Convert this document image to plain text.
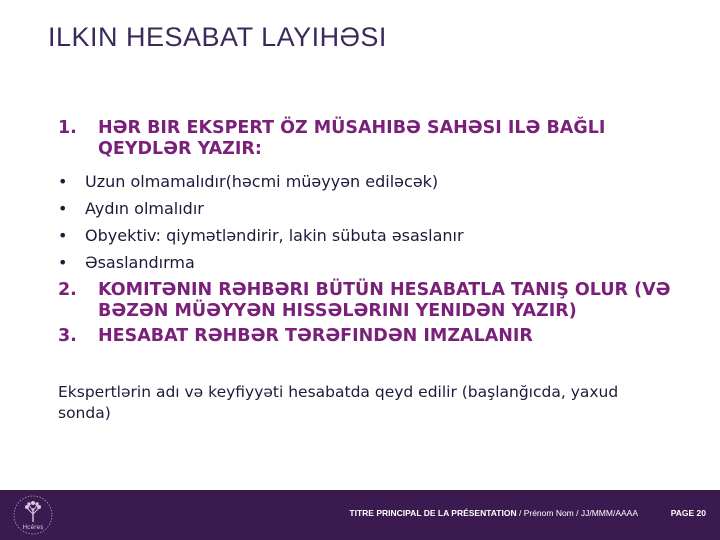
ILKIN HESABAT LAYIHƏSI
1. HƏR BIR EKSPERT ÖZ MÜSAHIBƏ SAHƏSI ILƏ BAĞLI QEYDLƏR YAZIR:
• Uzun olmamalıdır(həcmi müəyyən ediləcək)
• Aydın olmalıdır
• Obyektiv: qiymətləndirir, lakin sübuta əsaslanır
• Əsaslandırma
2. KOMITƏNIN RƏHBƏRI BÜTÜN HESABATLA TANIŞ OLUR (VƏ BƏZƏN MÜƏYYƏN HISSƏLƏRINI YENIDƏN YAZIR)
3. HESABAT RƏHBƏR TƏRƏFINDƏN IMZALANIR
Ekspertlərin adı və keyfiyyəti hesabatda qeyd edilir (başlanğıcda, yaxud sonda)
Hcéres
TITRE PRINCIPAL DE LA PRÉSENTATION / Prénom Nom / JJ/MMM/AAAA	PAGE 20
